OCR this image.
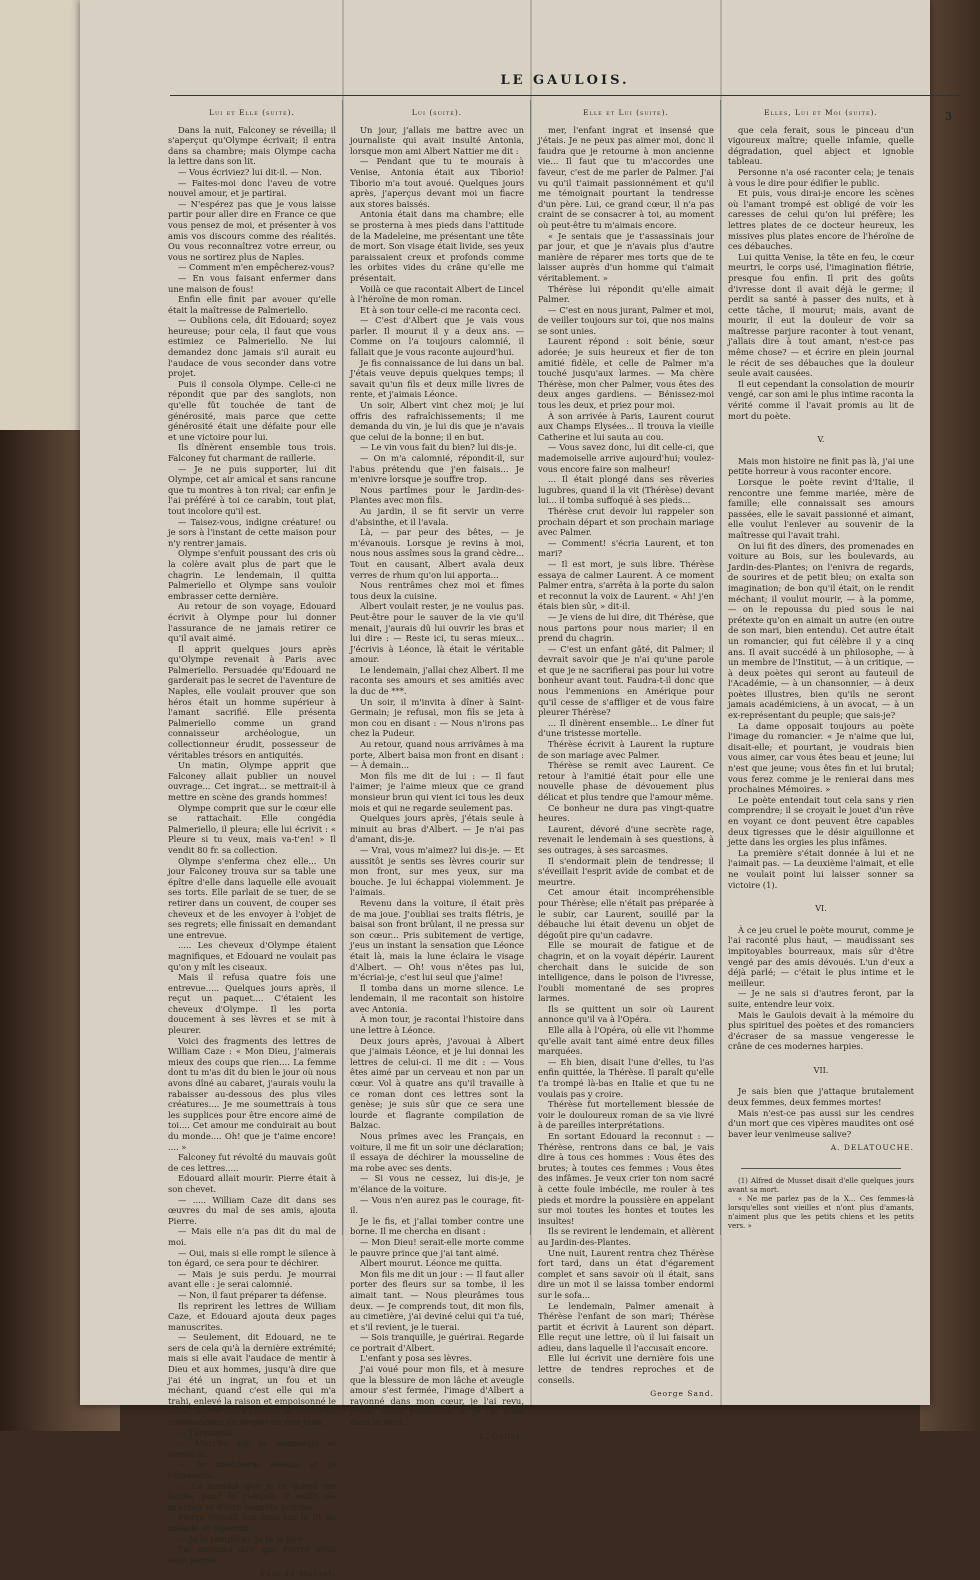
LE GAULOIS.
3
Lui et Elle (suite).

Dans la nuit, Falconey se réveilla; il s'aperçut qu'Olympe écrivait; il entra dans sa chambre; mais Olympe cacha la lettre dans son lit.

— Vous écriviez? lui dit-il. — Non.

— Faites-moi donc l'aveu de votre nouvel amour, et je partirai.

— N'espérez pas que je vous laisse partir pour aller dire en France ce que vous pensez de moi, et présenter à vos amis vos discours comme des réalités. Ou vous reconnaîtrez votre erreur, ou vous ne sortirez plus de Naples.

— Comment m'en empêcherez-vous?

— En vous faisant enfermer dans une maison de fous!

Enfin elle finit par avouer qu'elle était la maîtresse de Palmeriello.

— Oublions cela, dit Edouard; soyez heureuse; pour cela, il faut que vous estimiez ce Palmeriello. Ne lui demandez donc jamais s'il aurait eu l'audace de vous seconder dans votre projet.

Puis il consola Olympe. Celle-ci ne répondit que par des sanglots, non qu'elle fût touchée de tant de générosité, mais parce que cette générosité était une défaite pour elle et une victoire pour lui.

Ils dînèrent ensemble tous trois. Falconey fut charmant de raillerie.

— Je ne puis supporter, lui dit Olympe, cet air amical et sans rancune que tu montres à ton rival; car enfin je l'ai préféré à toi ce carabin, tout plat, tout incolore qu'il est.

— Taisez-vous, indigne créature! ou je sors à l'instant de cette maison pour n'y rentrer jamais.

Olympe s'enfuit poussant des cris où la colère avait plus de part que le chagrin. Le lendemain, il quitta Palmeriello et Olympe sans vouloir embrasser cette dernière.

Au retour de son voyage, Edouard écrivit à Olympe pour lui donner l'assurance de ne jamais retirer ce qu'il avait aimé.

Il apprit quelques jours après qu'Olympe revenait à Paris avec Palmeriello. Persuadée qu'Edouard ne garderait pas le secret de l'aventure de Naples, elle voulait prouver que son héros était un homme supérieur à l'amant sacrifié. Elle présenta Palmeriello comme un grand connaisseur archéologue, un collectionneur érudit, possesseur de véritables trésors en antiquités.

Un matin, Olympe apprit que Falconey allait publier un nouvel ouvrage... Cet ingrat... se mettrait-il à mettre en scène des grands hommes!

Olympe comprit que sur le cœur elle se rattachait. Elle congédia Palmeriello, il pleura; elle lui écrivit : « Pleure si tu veux, mais va-t'en! » Il vendit 80 fr. sa collection.

Olympe s'enferma chez elle... Un jour Falconey trouva sur sa table une épître d'elle dans laquelle elle avouait ses torts. Elle parlait de se tuer, de se retirer dans un couvent, de couper ses cheveux et de les envoyer à l'objet de ses regrets; elle finissait en demandant une entrevue.

..... Les cheveux d'Olympe étaient magnifiques, et Edouard ne voulait pas qu'on y mît les ciseaux.

Mais il refusa quatre fois une entrevue..... Quelques jours après, il reçut un paquet.... C'étaient les cheveux d'Olympe. Il les porta doucement à ses lèvres et se mit à pleurer.

Voici des fragments des lettres de William Caze : « Mon Dieu, j'aimerais mieux des coups que rien.... La femme dont tu m'as dit du bien le jour où nous avons dîné au cabaret, j'aurais voulu la rabaisser au-dessous des plus viles créatures.... Je me soumettrais à tous les supplices pour être encore aimé de toi.... Cet amour me conduirait au bout du monde.... Oh! que je t'aime encore! .... »

Falconey fut révolté du mauvais goût de ces lettres.....

Edouard allait mourir. Pierre était à son chevet.

— ..... William Caze dit dans ses œuvres du mal de ses amis, ajouta Pierre.

— Mais elle n'a pas dit du mal de moi.

— Oui, mais si elle rompt le silence à ton égard, ce sera pour te déchirer.

— Mais je suis perdu. Je mourrai avant elle : je serai calomnié.

— Non, il faut préparer ta défense.

Ils reprirent les lettres de William Caze, et Edouard ajouta deux pages manuscrites.

— Seulement, dit Edouard, ne te sers de cela qu'à la dernière extrémité; mais si elle avait l'audace de mentir à Dieu et aux hommes, jusqu'à dire que j'ai été un ingrat, un fou et un méchant, quand c'est elle qui m'a trahi, enlevé la raison et empoisonné le cœur, arrive alors comme la statue du commandeur au souper de don Juan.

— J'arriverai.

— Marche sur le mensonge et écrase-le.

— Je marcherai dessus et je l'écraserai.

— Le mandat que je te donne est facile; pour le remplir, il suffit de m'aimer et d'être honnête homme.

Pierre étendit son bras sur le lit du malade et répondit :

— Je le remplirai, je te le jure.

J'ai entendu dire que Pierre avait tenu parole.

Paul de Musset.
Lui (suite).

Un jour, j'allais me battre avec un journaliste qui avait insulté Antonia, lorsque mon ami Albert Nattier me dit :

— Pendant que tu te mourais à Venise, Antonia était aux Tiborio! Tiborio m'a tout avoué. Quelques jours après, j'aperçus devant moi un fiacre aux stores baissés.

Antonia était dans ma chambre; elle se prosterna à mes pieds dans l'attitude de la Madeleine, me présentant une tête de mort. Son visage était livide, ses yeux paraissaient creux et profonds comme les orbites vides du crâne qu'elle me présentait.

Voilà ce que racontait Albert de Lincel à l'héroïne de mon roman.

Et à son tour celle-ci me raconta ceci.

— C'est d'Albert que je vais vous parler. Il mourut il y a deux ans. — Comme on l'a toujours calomnié, il fallait que je vous raconte aujourd'hui.

Je fis connaissance de lui dans un bal. J'étais veuve depuis quelques temps; il savait qu'un fils et deux mille livres de rente, et j'aimais Léonce.

Un soir, Albert vint chez moi; je lui offris des rafraîchissements; il me demanda du vin, je lui dis que je n'avais que celui de la bonne; il en but.

— Le vin vous fait du bien? lui dis-je.

— On m'a calomnié, répondit-il, sur l'abus prétendu que j'en faisais... Je m'enivre lorsque je souffre trop.

Nous partîmes pour le Jardin-des-Plantes avec mon fils.

Au jardin, il se fit servir un verre d'absinthe, et il l'avala.

Là, — par peur des bêtes, — je m'évanouis. Lorsque je revins à moi, nous nous assîmes sous la grand cèdre... Tout en causant, Albert avala deux verres de rhum qu'on lui apporta...

Nous rentrâmes chez moi et fîmes tous deux la cuisine.

Albert voulait rester, je ne voulus pas. Peut-être pour le sauver de la vie qu'il menait, j'aurais dû lui ouvrir les bras et lui dire : — Reste ici, tu seras mieux... J'écrivis à Léonce, là était le véritable amour.

Le lendemain, j'allai chez Albert. Il me raconta ses amours et ses amitiés avec la duc de ***.

Un soir, il m'invita à dîner à Saint-Germain; je refusai, mon fils se jeta à mon cou en disant : — Nous n'irons pas chez la Pudeur.

Au retour, quand nous arrivâmes à ma porte, Albert baisa mon front en disant : — À demain...

Mon fils me dit de lui : — Il faut l'aimer; je l'aime mieux que ce grand monsieur brun qui vient ici tous les deux mois et qui ne regarde seulement pas.

Quelques jours après, j'étais seule à minuit au bras d'Albert. — Je n'ai pas d'amant, dis-je.

— Vrai, vous m'aimez? lui dis-je. — Et aussitôt je sentis ses lèvres courir sur mon front, sur mes yeux, sur ma bouche. Je lui échappai violemment. Je l'aimais.

Revenu dans la voiture, il était près de ma joue. J'oubliai ses traits flétris, je baisai son front brûlant, il ne pressa sur son cœur... Pris subitement de vertige, j'eus un instant la sensation que Léonce était là, mais la lune éclaira le visage d'Albert. — Oh! vous n'êtes pas lui, m'écriai-je, c'est lui seul que j'aime!

Il tomba dans un morne silence. Le lendemain, il me racontait son histoire avec Antonia.

À mon tour, je racontai l'histoire dans une lettre à Léonce.

Deux jours après, j'avouai à Albert que j'aimais Léonce, et je lui donnai les lettres de celui-ci. Il me dit : — Vous êtes aimé par un cerveau et non par un cœur. Vol à quatre ans qu'il travaille à ce roman dont ces lettres sont la genèse; je suis sûr que ce sera une lourde et flagrante compilation de Balzac.

Nous prîmes avec les Français, en voiture, il me fit un soir une déclaration; il essaya de déchirer la mousseline de ma robe avec ses dents.

— Si vous ne cessez, lui dis-je, je m'élance de la voiture.

— Vous n'en aurez pas le courage, fit-il.

Je le fis, et j'allai tomber contre une borne. Il me chercha en disant :

— Mon Dieu! serait-elle morte comme le pauvre prince que j'ai tant aimé.

Albert mourut. Léonce me quitta.

Mon fils me dit un jour : — Il faut aller porter des fleurs sur sa tombe, il les aimait tant. — Nous pleurâmes tous deux. — Je comprends tout, dit mon fils, au cimetière, j'ai deviné celui qui t'a tué, et s'il revient, je le tuerai.

— Sois tranquille, je guérirai. Regarde ce portrait d'Albert.

L'enfant y posa ses lèvres.

J'ai voué pour mon fils, et à mesure que la blessure de mon lâche et aveugle amour s'est fermée, l'image d'Albert a rayonné dans mon cœur, je l'ai revu, jeune, beau, passionné, et je l'ai aimé dans la mort.

L. Collet.
Elle et Lui (suite).

mer, l'enfant ingrat et insensé que j'étais. Je ne peux pas aimer moi, donc il faudra que je retourne à mon ancienne vie... Il faut que tu m'accordes une faveur, c'est de me parler de Palmer. J'ai vu qu'il t'aimait passionnément et qu'il me témoignait pourtant la tendresse d'un père. Lui, ce grand cœur, il n'a pas craint de se consacrer à toi, au moment où peut-être tu m'aimais encore.

« Je sentais que je t'assassinais jour par jour, et que je n'avais plus d'autre manière de réparer mes torts que de te laisser auprès d'un homme qui t'aimait véritablement. »

Thérèse lui répondit qu'elle aimait Palmer.

— C'est en nous jurant, Palmer et moi, de veiller toujours sur toi, que nos mains se sont unies.

Laurent répond : soit bénie, sœur adorée; je suis heureux et fier de ton amitié fidèle, et celle de Palmer m'a touché jusqu'aux larmes. — Ma chère Thérèse, mon cher Palmer, vous êtes des deux anges gardiens. — Bénissez-moi tous les deux, et priez pour moi.

À son arrivée à Paris, Laurent courut aux Champs Elysées... Il trouva la vieille Catherine et lui sauta au cou.

— Vous savez donc, lui dit celle-ci, que mademoiselle arrive aujourd'hui; voulez-vous encore faire son malheur!

... Il était plongé dans ses rêveries lugubres, quand il la vit (Thérèse) devant lui... il tomba suffoqué à ses pieds...

Thérèse crut devoir lui rappeler son prochain départ et son prochain mariage avec Palmer.

— Comment! s'écria Laurent, et ton mari?

— Il est mort, je suis libre. Thérèse essaya de calmer Laurent. À ce moment Palmer entra, s'arrêta à la porte du salon et reconnut la voix de Laurent. « Ah! j'en étais bien sûr, » dit-il.

— Je viens de lui dire, dit Thérèse, que nous partons pour nous marier; il en prend du chagrin.

— C'est un enfant gâté, dit Palmer; il devrait savoir que je n'ai qu'une parole et que je ne sacrifierai pas pour lui votre bonheur avant tout. Faudra-t-il donc que nous l'emmenions en Amérique pour qu'il cesse de s'affliger et de vous faire pleurer Thérèse?

... Il dînèrent ensemble... Le dîner fut d'une tristesse mortelle.

Thérèse écrivit à Laurent la rupture de son mariage avec Palmer.

Thérèse se remit avec Laurent. Ce retour à l'amitié était pour elle une nouvelle phase de dévouement plus délicat et plus tendre que l'amour même.

Ce bonheur ne dura pas vingt-quatre heures.

Laurent, dévoré d'une secrète rage, revenait le lendemain à ses questions, à ses outrages, à ses sarcasmes.

Il s'endormait plein de tendresse; il s'éveillait l'esprit avide de combat et de meurtre.

Cet amour était incompréhensible pour Thérèse; elle n'était pas préparée à le subir, car Laurent, souillé par la débauche lui était devenu un objet de dégoût pire qu'un cadavre.

Elle se mourait de fatigue et de chagrin, et on la voyait dépérir. Laurent cherchait dans le suicide de son intelligence, dans le poison de l'ivresse, l'oubli momentané de ses propres larmes.

Ils se quittent un soir où Laurent annonce qu'il va à l'Opéra.

Elle alla à l'Opéra, où elle vit l'homme qu'elle avait tant aimé entre deux filles marquées.

— Eh bien, disait l'une d'elles, tu l'as enfin quittée, la Thérèse. Il paraît qu'elle t'a trompé là-bas en Italie et que tu ne voulais pas y croire.

Thérèse fut mortellement blessée de voir le douloureux roman de sa vie livré à de pareilles interprétations.

En sortant Edouard la reconnut : — Thérèse, rentrons dans ce bal, je vais dire à tous ces hommes : Vous êtes des brutes; à toutes ces femmes : Vous êtes des infâmes. Je veux crier ton nom sacré à cette foule imbécile, me rouler à tes pieds et mordre la poussière en appelant sur moi toutes les hontes et toutes les insultes!

Ils se revirent le lendemain, et allèrent au Jardin-des-Plantes.

Une nuit, Laurent rentra chez Thérèse fort tard, dans un état d'égarement complet et sans savoir où il était, sans dire un mot il se laissa tomber endormi sur le sofa...

Le lendemain, Palmer amenait à Thérèse l'enfant de son mari; Thérèse partit et écrivit à Laurent son départ. Elle reçut une lettre, où il lui faisait un adieu, dans laquelle il l'accusait encore.

Elle lui écrivit une dernière fois une lettre de tendres reproches et de conseils.

George Sand.
Elles, Lui et Moi (suite).

que cela ferait, sous le pinceau d'un vigoureux maître; quelle infamie, quelle dégradation, quel abject et ignoble tableau.

Personne n'a osé raconter cela; je tenais à vous le dire pour édifier le public.

Et puis, vous dirai-je encore les scènes où l'amant trompé est obligé de voir les caresses de celui qu'on lui préfère; les lettres plates de ce docteur heureux, les missives plus plates encore de l'héroïne de ces débauches.

Lui quitta Venise, la tête en feu, le cœur meurtri, le corps usé, l'imagination flétrie, presque fou enfin. Il prit des goûts d'ivresse dont il avait déjà le germe; il perdit sa santé à passer des nuits, et à cette tâche, il mourut; mais, avant de mourir, il eut la douleur de voir sa maîtresse parjure raconter à tout venant, j'allais dire à tout amant, n'est-ce pas même chose? — et écrire en plein journal le récit de ses débauches que la douleur seule avait causées.

Il eut cependant la consolation de mourir vengé, car son ami le plus intime raconta la vérité comme il l'avait promis au lit de mort du poète.

V.

Mais mon histoire ne finit pas là, j'ai une petite horreur à vous raconter encore.

Lorsque le poète revint d'Italie, il rencontre une femme mariée, mère de famille; elle connaissait ses amours passées, elle le savait passionné et aimant, elle voulut l'enlever au souvenir de la maîtresse qui l'avait trahi.

On lui fit des dîners, des promenades en voiture au Bois, sur les boulevards, au Jardin-des-Plantes; on l'enivra de regards, de sourires et de petit bleu; on exalta son imagination; de bon qu'il était, on le rendit méchant; il voulut mourir, — à la pomme, — on le repoussa du pied sous le nai prétexte qu'on en aimait un autre (en outre de son mari, bien entendu). Cet autre était un romancier, qui fut célèbre il y a cinq ans. Il avait succédé à un philosophe, — à un membre de l'Institut, — à un critique, — à deux poètes qui seront au fauteuil de l'Académie, — à un chansonnier, — à deux poètes illustres, bien qu'ils ne seront jamais académiciens, à un avocat, — à un ex-représentant du peuple; que sais-je?

La dame opposait toujours au poète l'image du romancier. « Je n'aime que lui, disait-elle; et pourtant, je voudrais bien vous aimer, car vous êtes beau et jeune; lui n'est que jeune; vous êtes fin et lui brutal; vous ferez comme je le renierai dans mes prochaines Mémoires. »

Le poète entendait tout cela sans y rien comprendre; il se croyait le jouet d'un rêve en voyant ce dont peuvent être capables deux tigresses que le désir aiguillonne et jette dans les orgies les plus infâmes.

La première s'était donnée à lui et ne l'aimait pas. — La deuxième l'aimait, et elle ne voulait point lui laisser sonner sa victoire (1).

VI.

À ce jeu cruel le poète mourut, comme je l'ai raconté plus haut, — maudissant ses impitoyables bourreaux, mais sûr d'être vengé par des amis dévoués. L'un d'eux a déjà parlé; — c'était le plus intime et le meilleur.

— Je ne sais si d'autres feront, par la suite, entendre leur voix.

Mais le Gaulois devait à la mémoire du plus spirituel des poètes et des romanciers d'écraser de sa massue vengeresse le crâne de ces modernes harpies.

VII.

Je sais bien que j'attaque brutalement deux femmes, deux femmes mortes!

Mais n'est-ce pas aussi sur les cendres d'un mort que ces vipères maudites ont osé baver leur venimeuse salive?

A. DELATOUCHE.

(1) Alfred de Musset disait d'elle quelques jours avant sa mort.

« Ne me parlez pas de la X... Ces femmes-là lorsqu'elles sont vieilles et n'ont plus d'amants, n'aiment plus que les petits chiens et les petits vers. »
